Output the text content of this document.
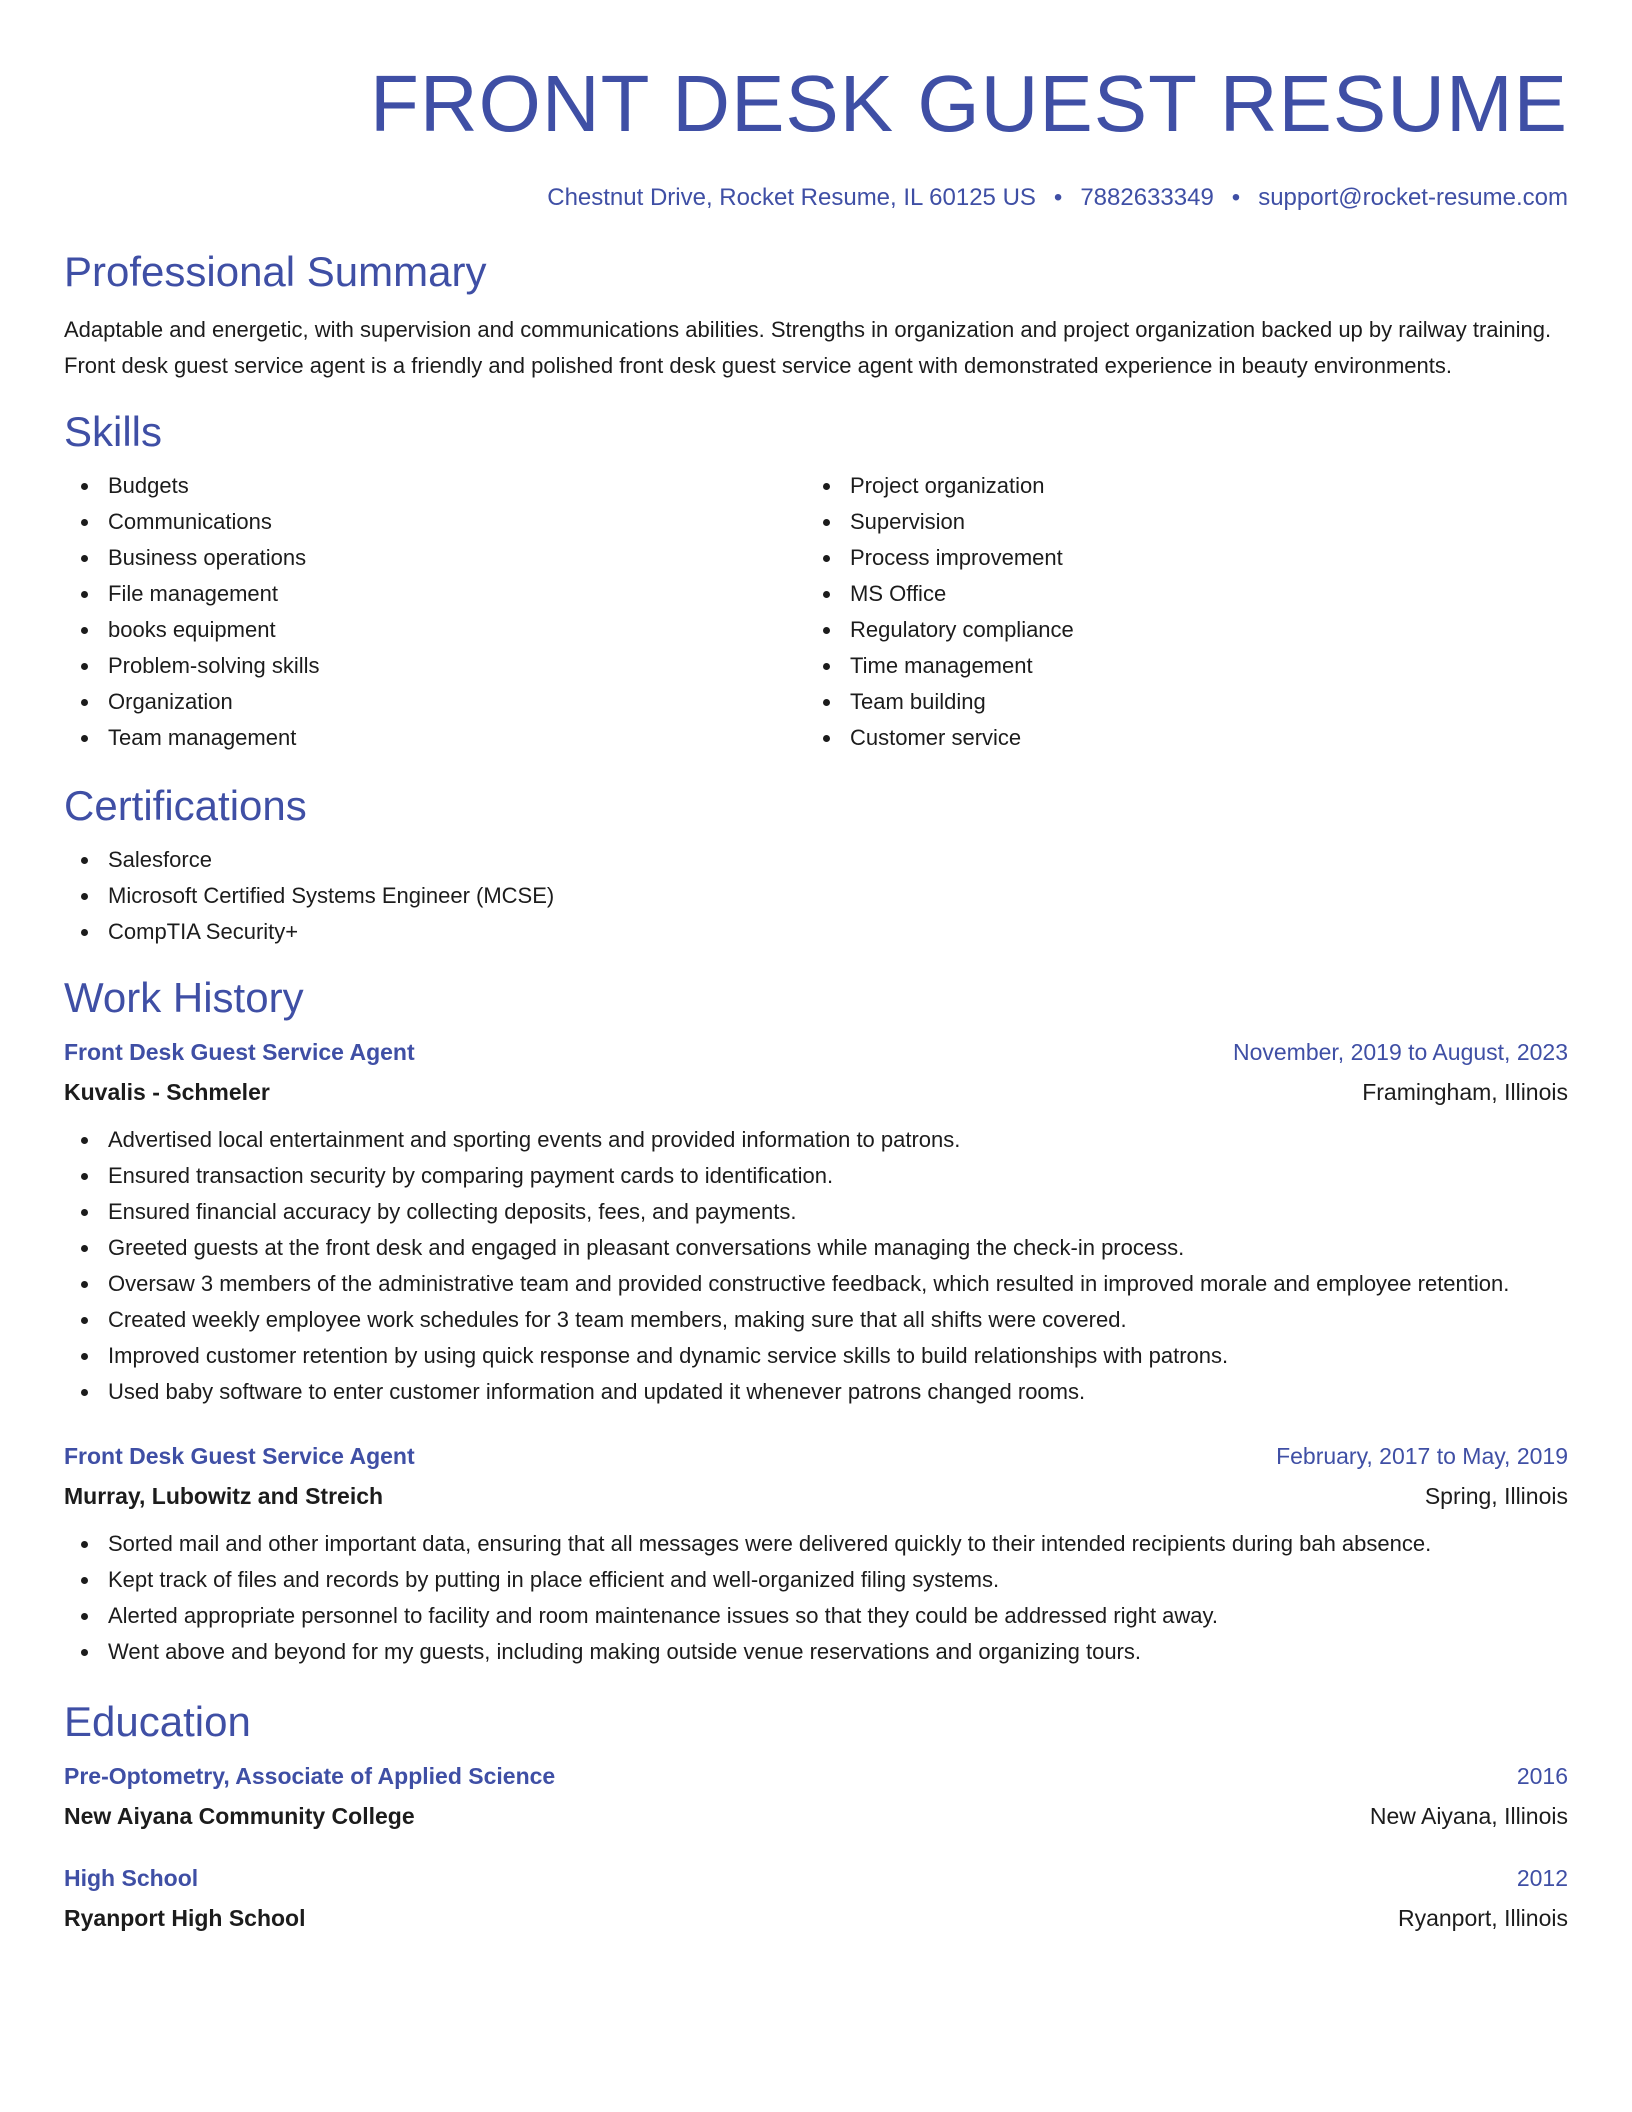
FRONT DESK GUEST RESUME
Chestnut Drive, Rocket Resume, IL 60125 US • 7882633349 • support@rocket-resume.com
Professional Summary
Adaptable and energetic, with supervision and communications abilities. Strengths in organization and project organization backed up by railway training. Front desk guest service agent is a friendly and polished front desk guest service agent with demonstrated experience in beauty environments.
Skills
Budgets
Communications
Business operations
File management
books equipment
Problem-solving skills
Organization
Team management
Project organization
Supervision
Process improvement
MS Office
Regulatory compliance
Time management
Team building
Customer service
Certifications
Salesforce
Microsoft Certified Systems Engineer (MCSE)
CompTIA Security+
Work History
Front Desk Guest Service Agent	November, 2019 to August, 2023
Kuvalis - Schmeler	Framingham, Illinois
Advertised local entertainment and sporting events and provided information to patrons.
Ensured transaction security by comparing payment cards to identification.
Ensured financial accuracy by collecting deposits, fees, and payments.
Greeted guests at the front desk and engaged in pleasant conversations while managing the check-in process.
Oversaw 3 members of the administrative team and provided constructive feedback, which resulted in improved morale and employee retention.
Created weekly employee work schedules for 3 team members, making sure that all shifts were covered.
Improved customer retention by using quick response and dynamic service skills to build relationships with patrons.
Used baby software to enter customer information and updated it whenever patrons changed rooms.
Front Desk Guest Service Agent	February, 2017 to May, 2019
Murray, Lubowitz and Streich	Spring, Illinois
Sorted mail and other important data, ensuring that all messages were delivered quickly to their intended recipients during bah absence.
Kept track of files and records by putting in place efficient and well-organized filing systems.
Alerted appropriate personnel to facility and room maintenance issues so that they could be addressed right away.
Went above and beyond for my guests, including making outside venue reservations and organizing tours.
Education
Pre-Optometry, Associate of Applied Science	2016
New Aiyana Community College	New Aiyana, Illinois
High School	2012
Ryanport High School	Ryanport, Illinois
